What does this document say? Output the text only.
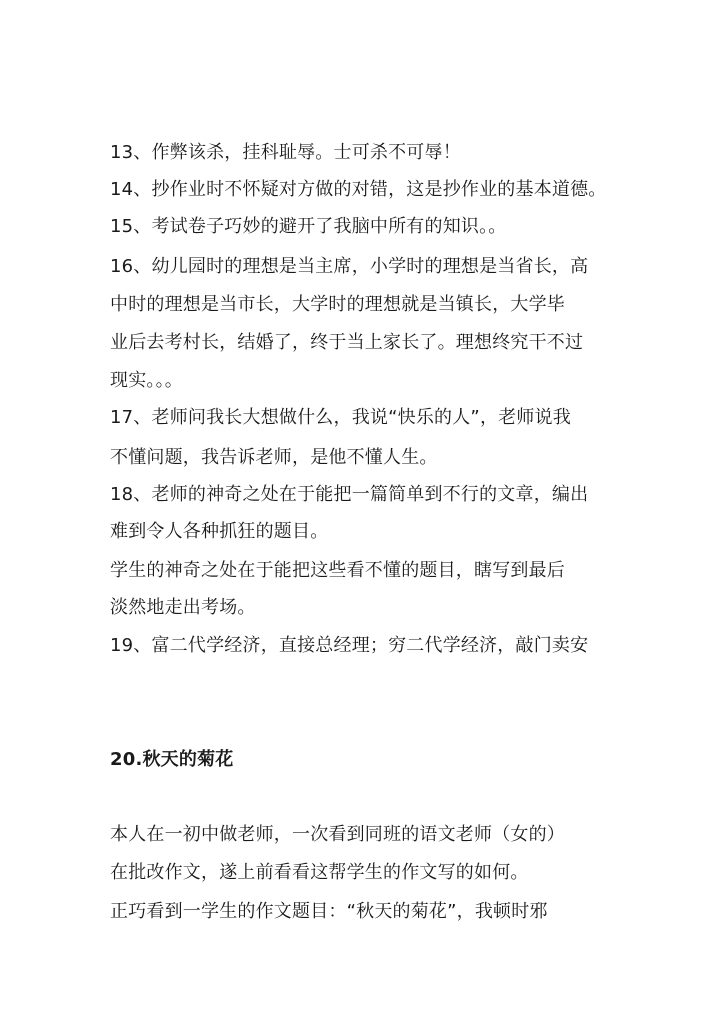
13、作弊该杀，挂科耻辱。士可杀不可辱！
14、抄作业时不怀疑对方做的对错，这是抄作业的基本道德。
15、考试卷子巧妙的避开了我脑中所有的知识。。
16、幼儿园时的理想是当主席，小学时的理想是当省长，高
中时的理想是当市长，大学时的理想就是当镇长，大学毕
业后去考村长，结婚了，终于当上家长了。理想终究干不过
现实。。。
17、老师问我长大想做什么，我说“快乐的人”，老师说我
不懂问题，我告诉老师，是他不懂人生。
18、老师的神奇之处在于能把一篇简单到不行的文章，编出
难到令人各种抓狂的题目。
学生的神奇之处在于能把这些看不懂的题目，瞎写到最后
淡然地走出考场。
19、富二代学经济，直接总经理；穷二代学经济，敲门卖安
20.秋天的菊花
本人在一初中做老师，一次看到同班的语文老师（女的）
在批改作文，遂上前看看这帮学生的作文写的如何。
正巧看到一学生的作文题目：“秋天的菊花”，我顿时邪
